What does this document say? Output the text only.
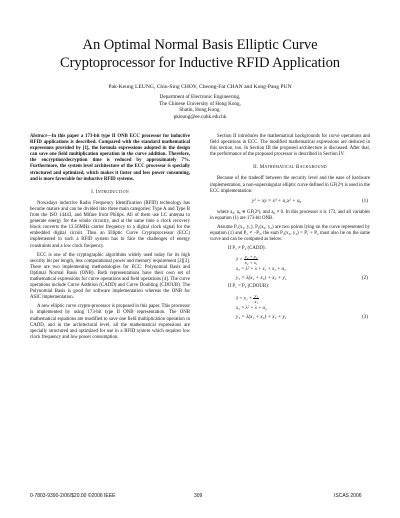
An Optimal Normal Basis Elliptic Curve
Cryptoprocessor for Inductive RFID Application
Pak-Keung LEUNG, Chiu-Sing CHOY, Cheong-Fat CHAN and Kong-Pang PUN
Department of Electronic Engineering,
The Chinese University of Hong Kong,
Shatin, Hong Kong.
pkleung@ee.cuhk.edu.hk

Abstract—In this paper a 173-bit type II ONB ECC processor for inductive RFID applications is described. Compared with the standard mathematical expressions provided by [1], the formula expressions adopted in the design can save one field multiplication operation in the curve addition. Therefore, the encryption/decryption time is reduced by approximately 7%. Furthermore, the system level architecture of the ECC processor is specially structured and optimized, which makes it faster and less power consuming, and is more favorable for inductive RFID systems.

I. Introduction

Nowadays inductive Radio Frequency Identification (RFID) technology has become mature and can be divided into three main categories: Type A and Type B from the ISO 14443, and Mifare from Philips. All of them use LC antenna to generate energy for the whole circuitry, and at the same time a clock recovery block converts the 13.56MHz carrier frequency to a digital clock signal for the embedded digital circuit. Thus an Elliptic Curve Cryptoprocessor (ECC) implemented in such a RFID system has to face the challenges of energy constraints and a low clock frequency.

ECC is one of the cryptographic algorithms widely used today for its high security bit per length, less computational power and memory requirement [2][3]. There are two implementing methodologies for ECC: Polynomial Basis and Optimal Normal Basis (ONB). Both representations have their own set of mathematical expressions for curve operations and field operations [4]. The curve operations include Curve Addition (CADD) and Curve Doubling (CDOUB). The Polynomial Basis is good for software implementation whereas the ONB for ASIC implementation.

A new elliptic curve crypto-processor is proposed in this paper. This processor is implemented by using 173-bit type II ONB representation. The ONB mathematical equations are modified to save one field multiplication operation in CADD, and in the architectural level, all the mathematical expressions are specially structured and optimized for use in a RFID system which requires low clock frequency and low power consumption.

Section II introduces the mathematical backgrounds for curve operations and field operations in ECC. The modified mathematical expressions are deduced in this section, too. In Section III the proposed architecture is discussed. After that, the performance of the proposed processor is described in Section IV.

II. Mathematical Background

Because of the tradeoff between the security level and the ease of hardware implementation, a non-supersingular elliptic curve defined in GF(2ⁿ) is used in the ECC implementation:

y² + xy = x³ + a₂x² + a₆	(1)

where a₂, a₆ ∈ GF(2ⁿ), and a₆ ≠ 0. In this processor n is 173, and all variables in equation (1) are 173-bit ONB.

Assume P₁(x₁, y₁), P₂(x₂, y₂) are two points lying on the curve represented by equation (1) and P₁ ≠ −P₂, the sum P₃(x₃, y₃) = P₁ + P₂ must also lie on the same curve and can be computed as below:

If P₁ ≠ P₂ (CADD):
$\lambda = \frac{\text{y₂ + y₁}}{\text{x₂ + x₁}}$
x₃ = λ² + λ + x₁ + x₂ + a₂
y₃ = λ(x₁ + x₃) + x₃ + y₁	(2)
If P₁ = P₂ (CDOUB):
$\lambda = x_1 + \frac{\text{y₁}}{\text{x₁}}$
x₃ = λ² + λ + a₂
y₃ = λ(x₁ + x₃) + x₃ + y₁	(3)
0-7803-9390-2/06/$20.00 ©2006 IEEE	309	ISCAS 2006
